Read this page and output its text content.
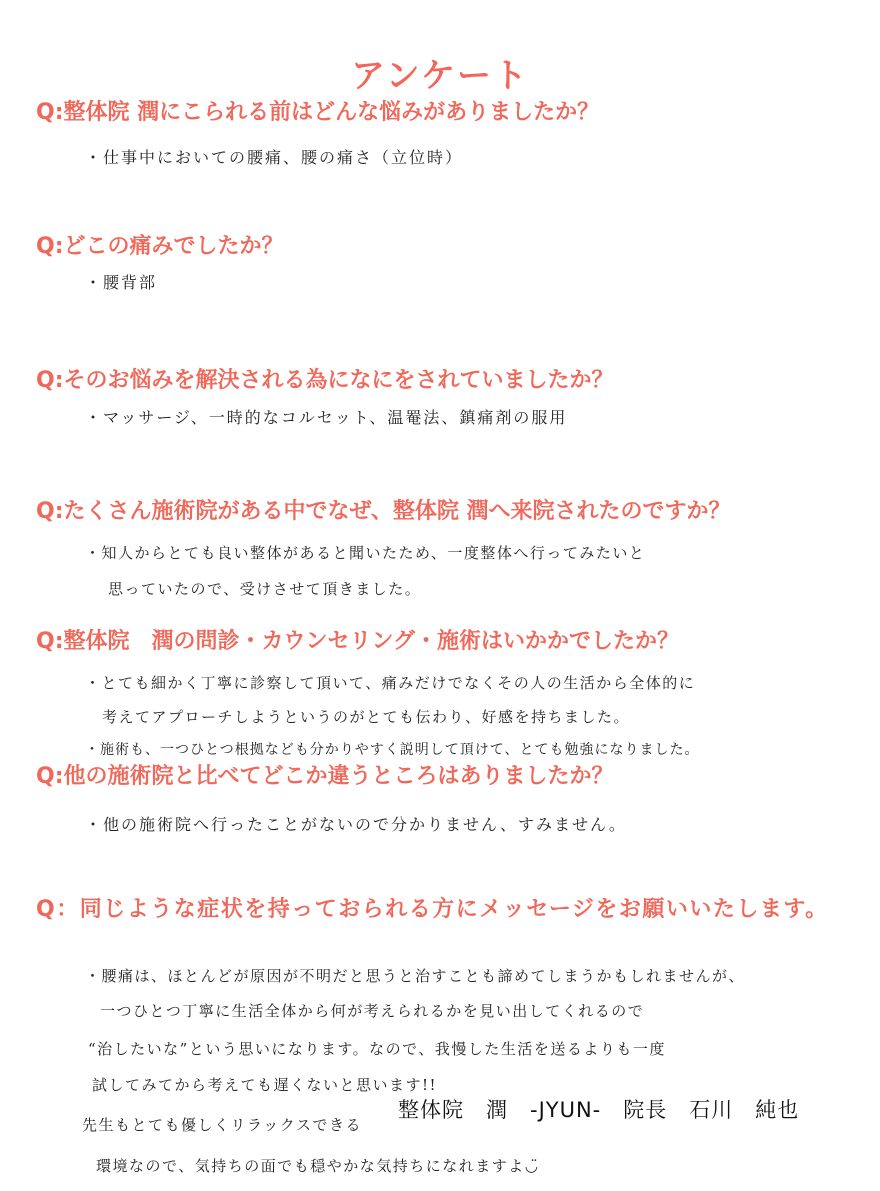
アンケート
Q:整体院 潤にこられる前はどんな悩みがありましたか？
・仕事中においての腰痛、腰の痛さ（立位時）
Q:どこの痛みでしたか？
・腰背部
Q:そのお悩みを解決される為になにをされていましたか？
・マッサージ、一時的なコルセット、温罨法、鎮痛剤の服用
Q:たくさん施術院がある中でなぜ、整体院 潤へ来院されたのですか？
・知人からとても良い整体があると聞いたため、一度整体へ行ってみたいと
思っていたので、受けさせて頂きました。
Q:整体院　潤の問診・カウンセリング・施術はいかかでしたか？
・とても細かく丁寧に診察して頂いて、痛みだけでなくその人の生活から全体的に
考えてアプローチしようというのがとても伝わり、好感を持ちました。
・施術も、一つひとつ根拠なども分かりやすく説明して頂けて、とても勉強になりました。
Q:他の施術院と比べてどこか違うところはありましたか？
・他の施術院へ行ったことがないので分かりません、すみません。
Q：同じような症状を持っておられる方にメッセージをお願いいたします。
・腰痛は、ほとんどが原因が不明だと思うと治すことも諦めてしまうかもしれませんが、
一つひとつ丁寧に生活全体から何が考えられるかを見い出してくれるので
“治したいな”という思いになります。なので、我慢した生活を送るよりも一度
試してみてから考えても遅くないと思います!!
先生もとても優しくリラックスできる
環境なので、気持ちの面でも穏やかな気持ちになれますよ◡̈
整体院　潤　-JYUN-　院長　石川　純也
